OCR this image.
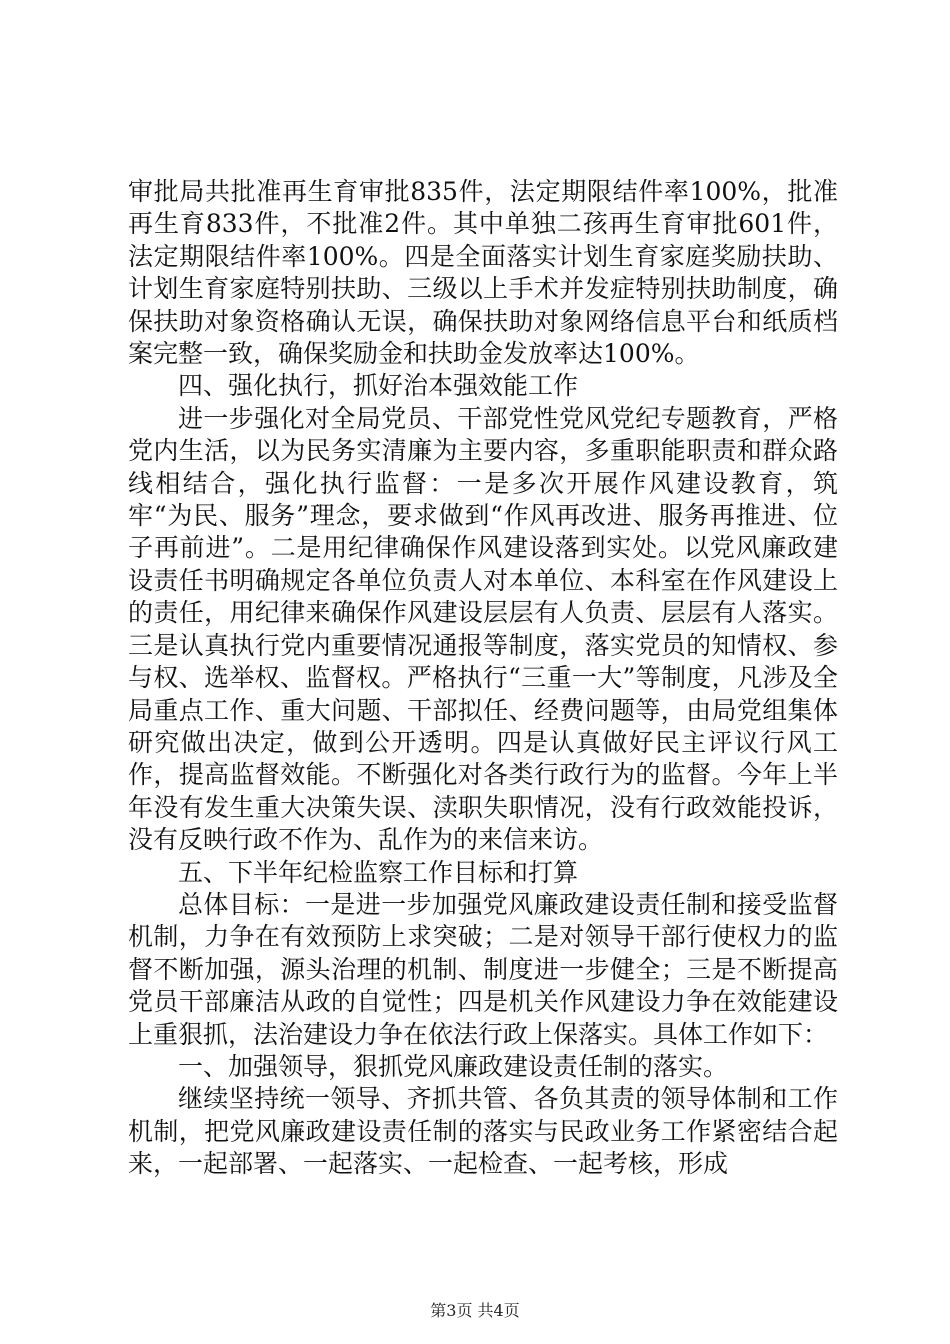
审批局共批准再生育审批835件，法定期限结件率100%，批准再生育833件，不批准2件。其中单独二孩再生育审批601件，法定期限结件率100%。四是全面落实计划生育家庭奖励扶助、计划生育家庭特别扶助、三级以上手术并发症特别扶助制度，确保扶助对象资格确认无误，确保扶助对象网络信息平台和纸质档案完整一致，确保奖励金和扶助金发放率达100%。

四、强化执行，抓好治本强效能工作

进一步强化对全局党员、干部党性党风党纪专题教育，严格党内生活，以为民务实清廉为主要内容，多重职能职责和群众路线相结合，强化执行监督：一是多次开展作风建设教育，筑牢“为民、服务”理念，要求做到“作风再改进、服务再推进、位子再前进”。二是用纪律确保作风建设落到实处。以党风廉政建设责任书明确规定各单位负责人对本单位、本科室在作风建设上的责任，用纪律来确保作风建设层层有人负责、层层有人落实。三是认真执行党内重要情况通报等制度，落实党员的知情权、参与权、选举权、监督权。严格执行“三重一大”等制度，凡涉及全局重点工作、重大问题、干部拟任、经费问题等，由局党组集体研究做出决定，做到公开透明。四是认真做好民主评议行风工作，提高监督效能。不断强化对各类行政行为的监督。今年上半年没有发生重大决策失误、渎职失职情况，没有行政效能投诉，没有反映行政不作为、乱作为的来信来访。

五、下半年纪检监察工作目标和打算

总体目标：一是进一步加强党风廉政建设责任制和接受监督机制，力争在有效预防上求突破；二是对领导干部行使权力的监督不断加强，源头治理的机制、制度进一步健全；三是不断提高党员干部廉洁从政的自觉性；四是机关作风建设力争在效能建设上重狠抓，法治建设力争在依法行政上保落实。具体工作如下：

一、加强领导，狠抓党风廉政建设责任制的落实。

继续坚持统一领导、齐抓共管、各负其责的领导体制和工作机制，把党风廉政建设责任制的落实与民政业务工作紧密结合起来，一起部署、一起落实、一起检查、一起考核，形成

第3页 共4页
